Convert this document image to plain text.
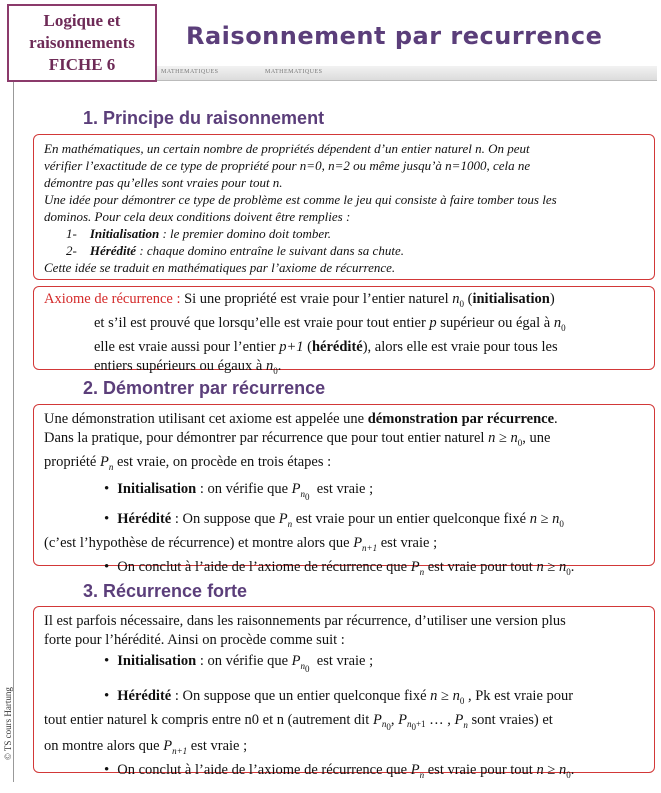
Logique et
raisonnements
FICHE 6
Raisonnement par recurrence
MATHEMATIQUES	MATHEMATIQUES
© TS cours Hartung
1. Principe du raisonnement
En mathématiques, un certain nombre de propriétés dépendent d’un entier naturel n. On peut
vérifier l’exactitude de ce type de propriété pour n=0, n=2 ou même jusqu’à n=1000, cela ne
démontre pas qu’elles sont vraies pour tout n.
Une idée pour démontrer ce type de problème est comme le jeu qui consiste à faire tomber tous les
dominos. Pour cela deux conditions doivent être remplies :
1- Initialisation : le premier domino doit tomber.
2- Hérédité : chaque domino entraîne le suivant dans sa chute.
Cette idée se traduit en mathématiques par l’axiome de récurrence.
Axiome de récurrence : Si une propriété est vraie pour l’entier naturel $n_0$ (initialisation)
et s’il est prouvé que lorsqu’elle est vraie pour tout entier p supérieur ou égal à $n_0$
elle est vraie aussi pour l’entier p+1 (hérédité), alors elle est vraie pour tous les
entiers supérieurs ou égaux à $n_0$.
2. Démontrer par récurrence
Une démonstration utilisant cet axiome est appelée une démonstration par récurrence.
Dans la pratique, pour démontrer par récurrence que pour tout entier naturel $n \ge n_0$, une
propriété $P_n$ est vraie, on procède en trois étapes :
• Initialisation : on vérifie que $P_{n_0}$  est vraie ;
• Hérédité : On suppose que $P_n$ est vraie pour un entier quelconque fixé $n \ge n_0$
(c’est l’hypothèse de récurrence) et montre alors que $P_{n+1}$ est vraie ;
• On conclut à l’aide de l’axiome de récurrence que $P_n$ est vraie pour tout $n \ge n_0$.
3. Récurrence forte
Il est parfois nécessaire, dans les raisonnements par récurrence, d’utiliser une version plus
forte pour l’hérédité. Ainsi on procède comme suit :
• Initialisation : on vérifie que $P_{n_0}$  est vraie ;
• Hérédité : On suppose que un entier quelconque fixé $n \ge n_0$ , Pk est vraie pour
tout entier naturel k compris entre n0 et n (autrement dit $P_{n_0}$, $P_{n_0+1}$ … , $P_n$ sont vraies) et
on montre alors que $P_{n+1}$ est vraie ;
• On conclut à l’aide de l’axiome de récurrence que $P_n$ est vraie pour tout $n \ge n_0$.
